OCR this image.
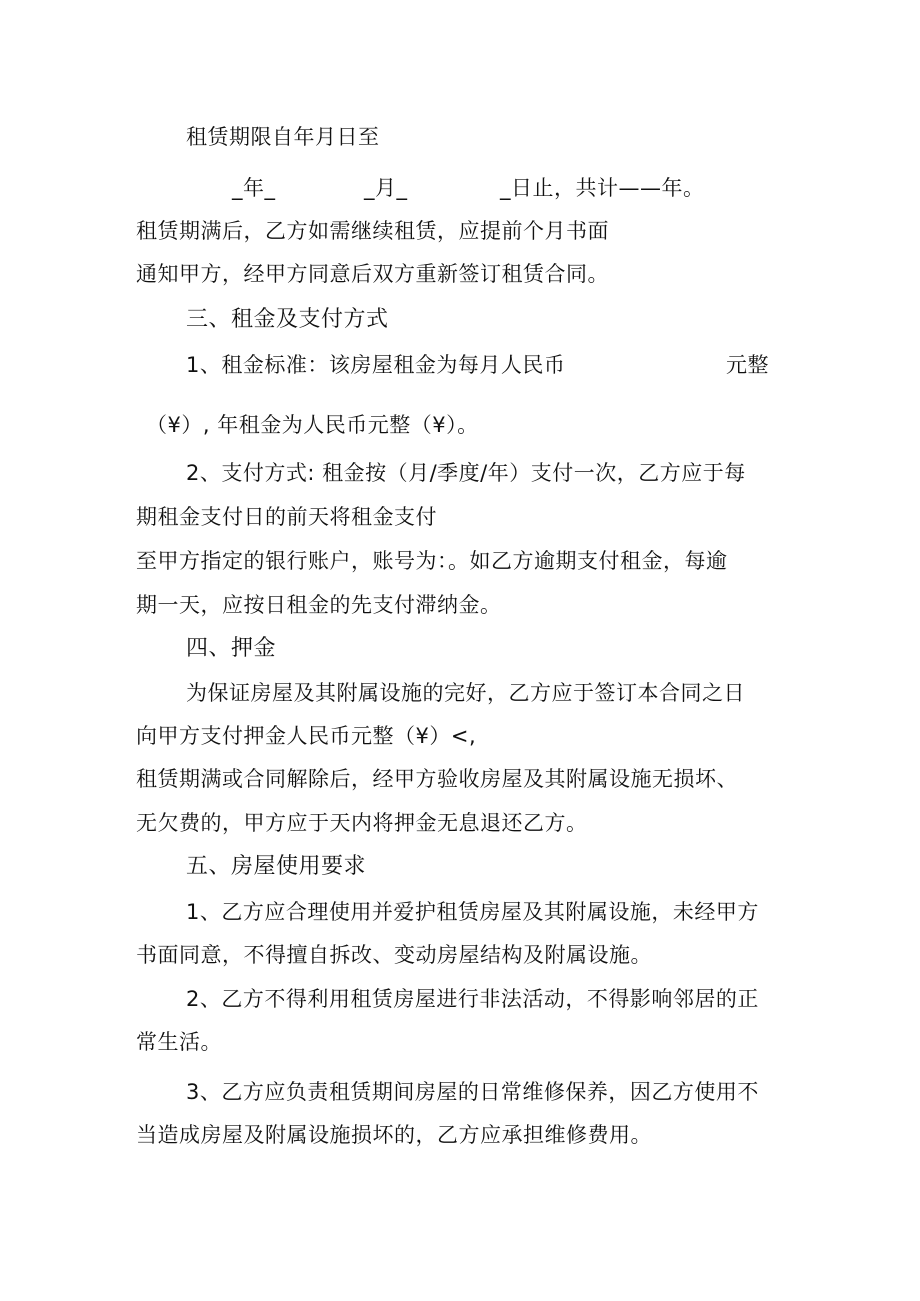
租赁期限自年月日至
_年_	_月_	_日止，共计——年。
租赁期满后，乙方如需继续租赁，应提前个月书面
通知甲方，经甲方同意后双方重新签订租赁合同。
三、租金及支付方式
1、租金标准：该房屋租金为每月人民币	元整
（¥）, 年租金为人民币元整（¥）。
2、支付方式: 租金按（月/季度/年）支付一次，乙方应于每
期租金支付日的前天将租金支付
至甲方指定的银行账户，账号为：。如乙方逾期支付租金，每逾
期一天，应按日租金的先支付滞纳金。
四、押金
为保证房屋及其附属设施的完好，乙方应于签订本合同之日
向甲方支付押金人民币元整（¥）<,
租赁期满或合同解除后，经甲方验收房屋及其附属设施无损坏、
无欠费的，甲方应于天内将押金无息退还乙方。
五、房屋使用要求
1、乙方应合理使用并爱护租赁房屋及其附属设施，未经甲方
书面同意，不得擅自拆改、变动房屋结构及附属设施。
2、乙方不得利用租赁房屋进行非法活动，不得影响邻居的正
常生活。
3、乙方应负责租赁期间房屋的日常维修保养，因乙方使用不
当造成房屋及附属设施损坏的，乙方应承担维修费用。
